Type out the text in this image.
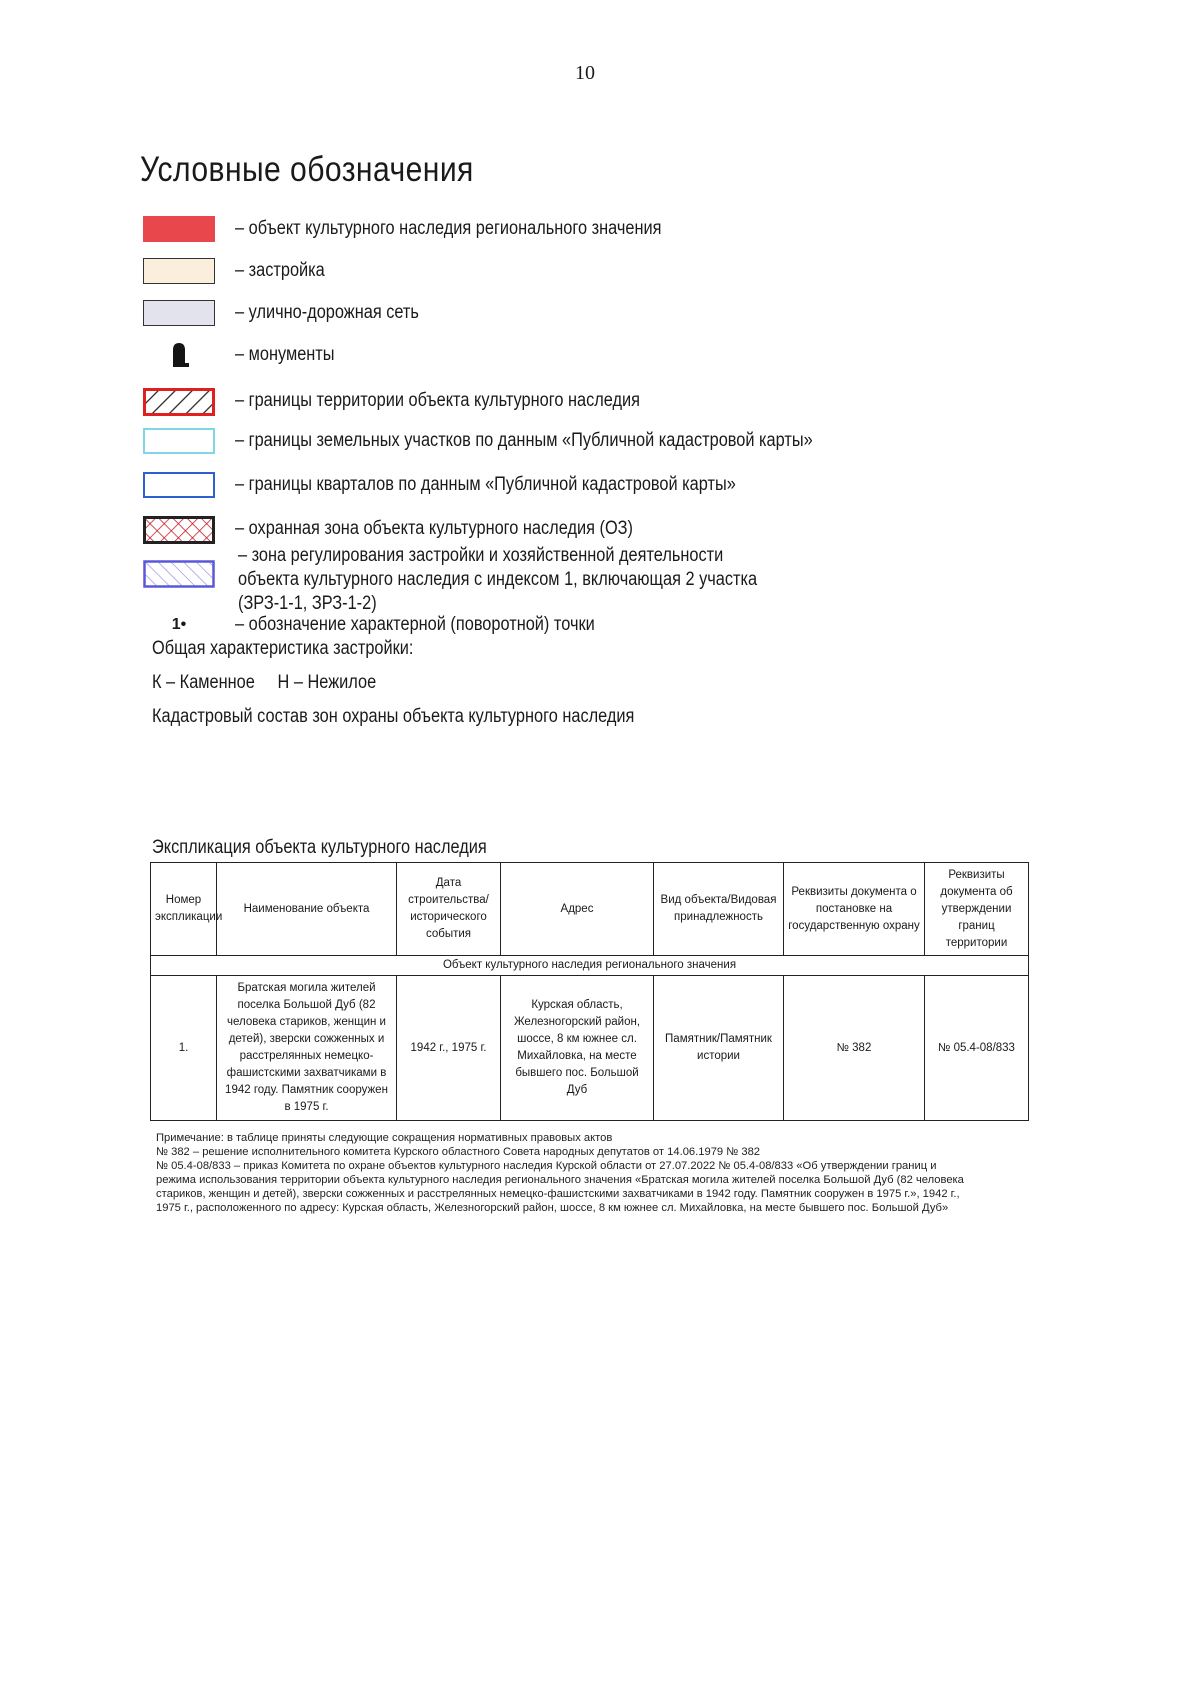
10
Условные обозначения
– объект культурного наследия регионального значения
– застройка
– улично-дорожная сеть
– монументы
– границы территории объекта культурного наследия
– границы земельных участков по данным «Публичной кадастровой карты»
– границы кварталов по данным «Публичной кадастровой карты»
– охранная зона объекта культурного наследия (ОЗ)
– зона регулирования застройки и хозяйственной деятельности
объекта культурного наследия с индексом 1, включающая 2 участка
(ЗРЗ-1-1, ЗРЗ-1-2)
1•	– обозначение характерной (поворотной) точки
Общая характеристика застройки:
К – Каменное     Н – Нежилое
Кадастровый состав зон охраны объекта культурного наследия
Экспликация объекта культурного наследия
Номер экспликации	Наименование объекта	Дата строительства/ исторического события	Адрес	Вид объекта/Видовая принадлежность	Реквизиты документа о постановке на государственную охрану	Реквизиты документа об утверждении границ территории
Объект культурного наследия регионального значения						
1.	Братская могила жителей поселка Большой Дуб (82 человека стариков, женщин и детей), зверски сожженных и расстрелянных немецко-фашистскими захватчиками в 1942 году. Памятник сооружен в 1975 г.	1942 г., 1975 г.	Курская область, Железногорский район, шоссе, 8 км южнее сл. Михайловка, на месте бывшего пос. Большой Дуб	Памятник/Памятник истории	№ 382	№ 05.4-08/833
Примечание: в таблице приняты следующие сокращения нормативных правовых актов
№ 382 – решение исполнительного комитета Курского областного Совета народных депутатов от 14.06.1979 № 382
№ 05.4-08/833 – приказ Комитета по охране объектов культурного наследия Курской области от 27.07.2022 № 05.4-08/833 «Об утверждении границ и
режима использования территории объекта культурного наследия регионального значения «Братская могила жителей поселка Большой Дуб (82 человека
стариков, женщин и детей), зверски сожженных и расстрелянных немецко-фашистскими захватчиками в 1942 году. Памятник сооружен в 1975 г.», 1942 г.,
1975 г., расположенного по адресу: Курская область, Железногорский район, шоссе, 8 км южнее сл. Михайловка, на месте бывшего пос. Большой Дуб»
